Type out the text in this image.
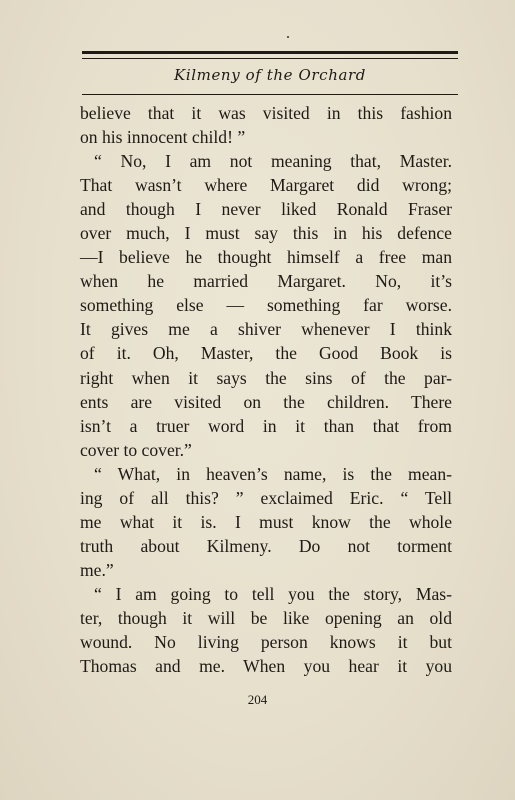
Kilmeny of the Orchard
believe that it was visited in this fashion
on his innocent child! ”
“ No, I am not meaning that, Master.
That wasn’t where Margaret did wrong;
and though I never liked Ronald Fraser
over much, I must say this in his defence
—I believe he thought himself a free man
when he married Margaret. No, it’s
something else — something far worse.
It gives me a shiver whenever I think
of it. Oh, Master, the Good Book is
right when it says the sins of the par-
ents are visited on the children. There
isn’t a truer word in it than that from
cover to cover.”
“ What, in heaven’s name, is the mean-
ing of all this? ” exclaimed Eric. “ Tell
me what it is. I must know the whole
truth about Kilmeny. Do not torment
me.”
“ I am going to tell you the story, Mas-
ter, though it will be like opening an old
wound. No living person knows it but
Thomas and me. When you hear it you
204
